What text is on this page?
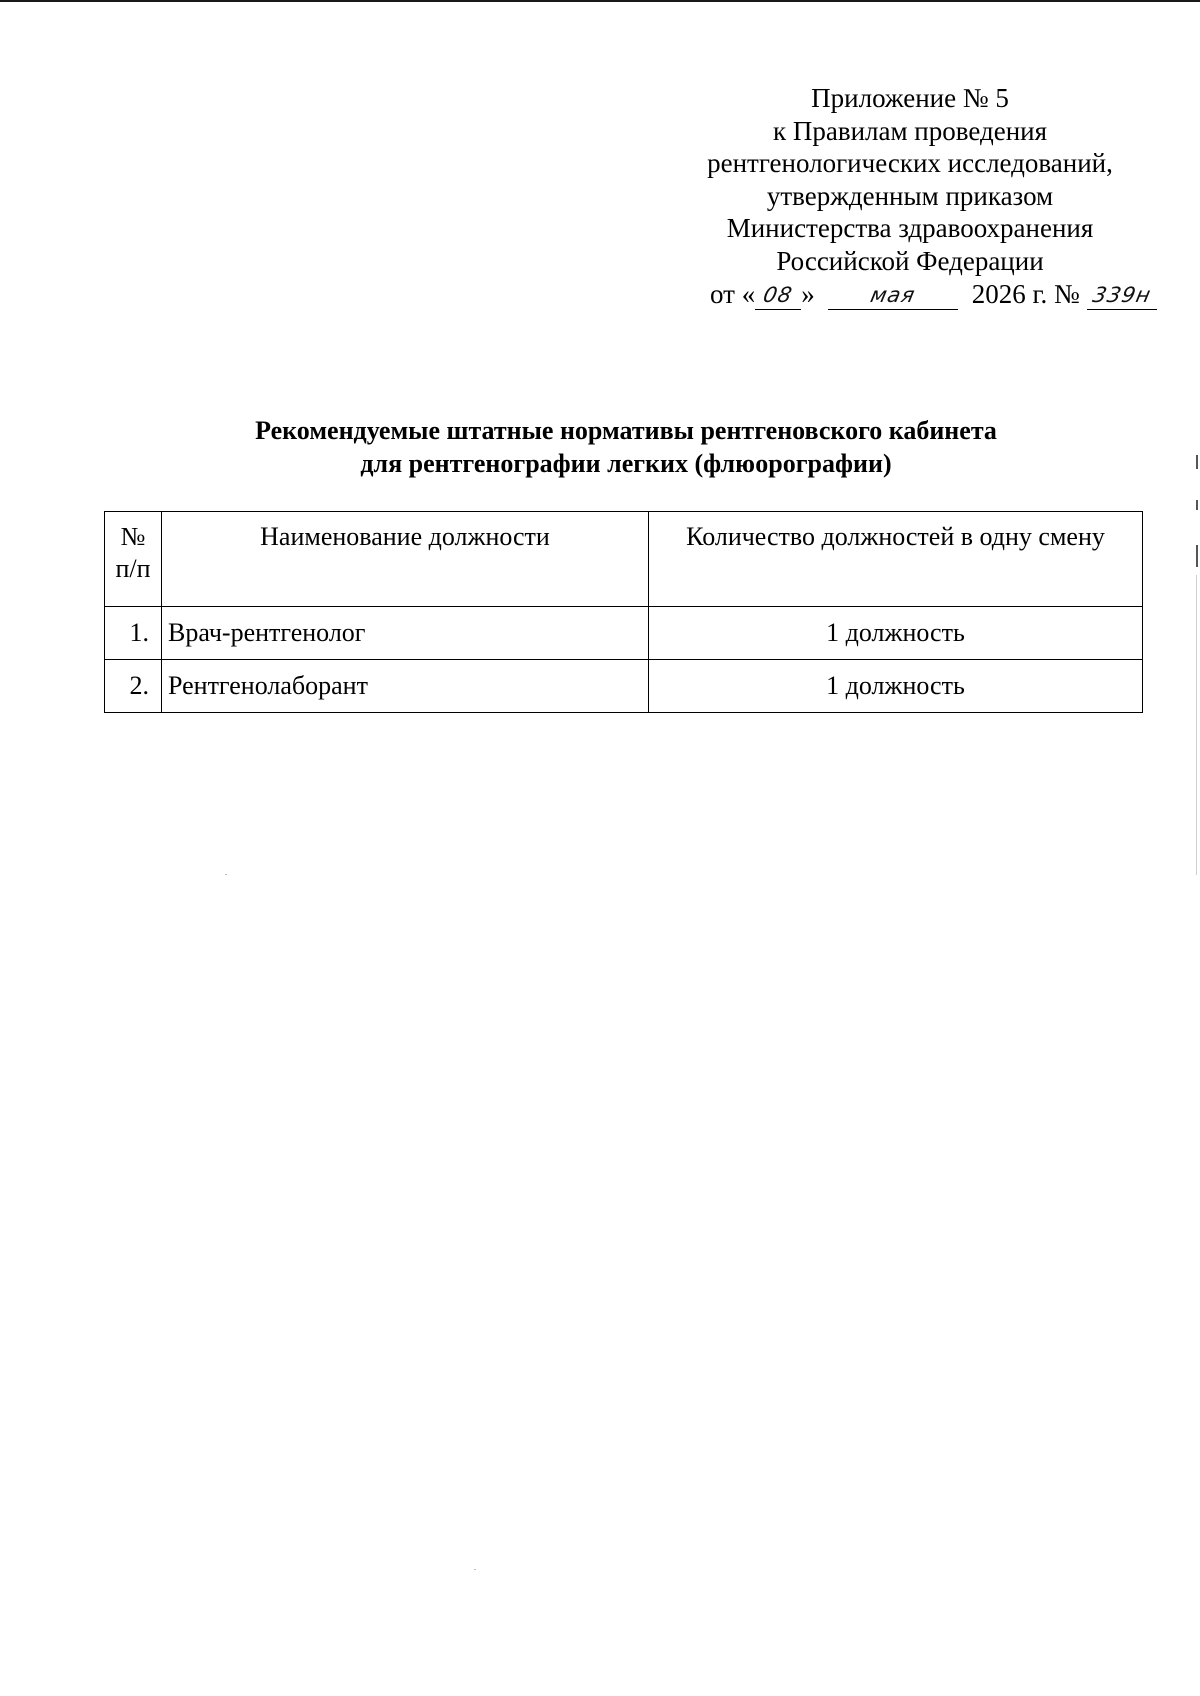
Приложение № 5
к Правилам проведения
рентгенологических исследований,
утвержденным приказом
Министерства здравоохранения
Российской Федерации
от « 08 »	мая	2026 г. № 339н
Рекомендуемые штатные нормативы рентгеновского кабинета
для рентгенографии легких (флюорографии)
№
п/п	Наименование должности	Количество должностей в одну смену
1.	Врач-рентгенолог	1 должность
2.	Рентгенолаборант	1 должность
